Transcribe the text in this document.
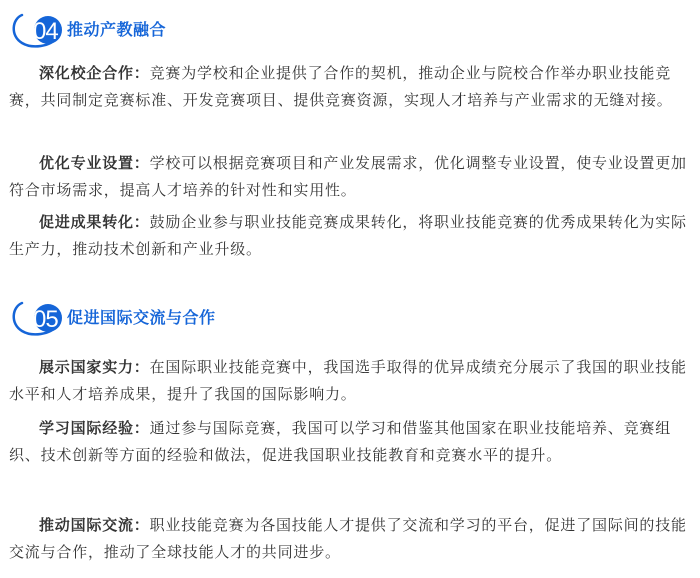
04 推动产教融合

深化校企合作：竞赛为学校和企业提供了合作的契机，推动企业与院校合作举办职业技能竞赛，共同制定竞赛标准、开发竞赛项目、提供竞赛资源，实现人才培养与产业需求的无缝对接。

优化专业设置：学校可以根据竞赛项目和产业发展需求，优化调整专业设置，使专业设置更加符合市场需求，提高人才培养的针对性和实用性。

促进成果转化：鼓励企业参与职业技能竞赛成果转化，将职业技能竞赛的优秀成果转化为实际生产力，推动技术创新和产业升级。

05 促进国际交流与合作

展示国家实力：在国际职业技能竞赛中，我国选手取得的优异成绩充分展示了我国的职业技能水平和人才培养成果，提升了我国的国际影响力。

学习国际经验：通过参与国际竞赛，我国可以学习和借鉴其他国家在职业技能培养、竞赛组织、技术创新等方面的经验和做法，促进我国职业技能教育和竞赛水平的提升。

推动国际交流：职业技能竞赛为各国技能人才提供了交流和学习的平台，促进了国际间的技能交流与合作，推动了全球技能人才的共同进步。
